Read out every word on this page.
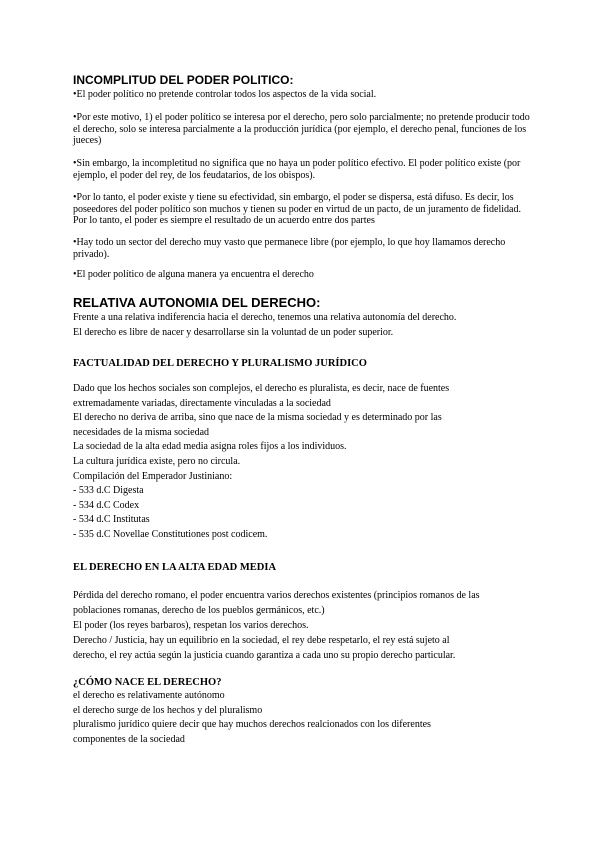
INCOMPLITUD DEL PODER POLITICO:
•El poder político no pretende controlar todos los aspectos de la vida social.
•Por este motivo, 1) el poder político se interesa por el derecho, pero solo parcialmente; no pretende producir todo el derecho, solo se interesa parcialmente a la producción jurídica (por ejemplo, el derecho penal, funciones de los jueces)
•Sin embargo, la incompletitud no significa que no haya un poder político efectivo. El poder político existe (por ejemplo, el poder del rey, de los feudatarios, de los obispos).
•Por lo tanto, el poder existe y tiene su efectividad, sin embargo, el poder se dispersa, está difuso. Es decir, los poseedores del poder político son muchos y tienen su poder en virtud de un pacto, de un juramento de fidelidad. Por lo tanto, el poder es siempre el resultado de un acuerdo entre dos partes
•Hay todo un sector del derecho muy vasto que permanece libre (por ejemplo, lo que hoy llamamos derecho privado).
•El poder político de alguna manera ya encuentra el derecho
RELATIVA AUTONOMIA DEL DERECHO:
Frente a una relativa indiferencia hacia el derecho, tenemos una relativa autonomía del derecho.
El derecho es libre de nacer y desarrollarse sin la voluntad de un poder superior.
FACTUALIDAD DEL DERECHO Y PLURALISMO JURÍDICO
Dado que los hechos sociales son complejos, el derecho es pluralista, es decir, nace de fuentes
extremadamente variadas, directamente vinculadas a la sociedad
El derecho no deriva de arriba, sino que nace de la misma sociedad y es determinado por las
necesidades de la misma sociedad
La sociedad de la alta edad media asigna roles fijos a los individuos.
La cultura jurídica existe, pero no circula.
Compilación del Emperador Justiniano:
- 533 d.C Digesta
- 534 d.C Codex
- 534 d.C Institutas
- 535 d.C Novellae Constitutiones post codicem.
EL DERECHO EN LA ALTA EDAD MEDIA
Pérdida del derecho romano, el poder encuentra varios derechos existentes (principios romanos de las
poblaciones romanas, derecho de los pueblos germánicos, etc.)
El poder (los reyes barbaros), respetan los varios derechos.
Derecho / Justicia, hay un equilibrio en la sociedad, el rey debe respetarlo, el rey está sujeto al
derecho, el rey actúa según la justicia cuando garantiza a cada uno su propio derecho particular.
¿CÓMO NACE EL DERECHO?
el derecho es relativamente autónomo
el derecho surge de los hechos y del pluralismo
pluralismo jurídico quiere decir que hay muchos derechos realcionados con los diferentes
componentes de la sociedad
